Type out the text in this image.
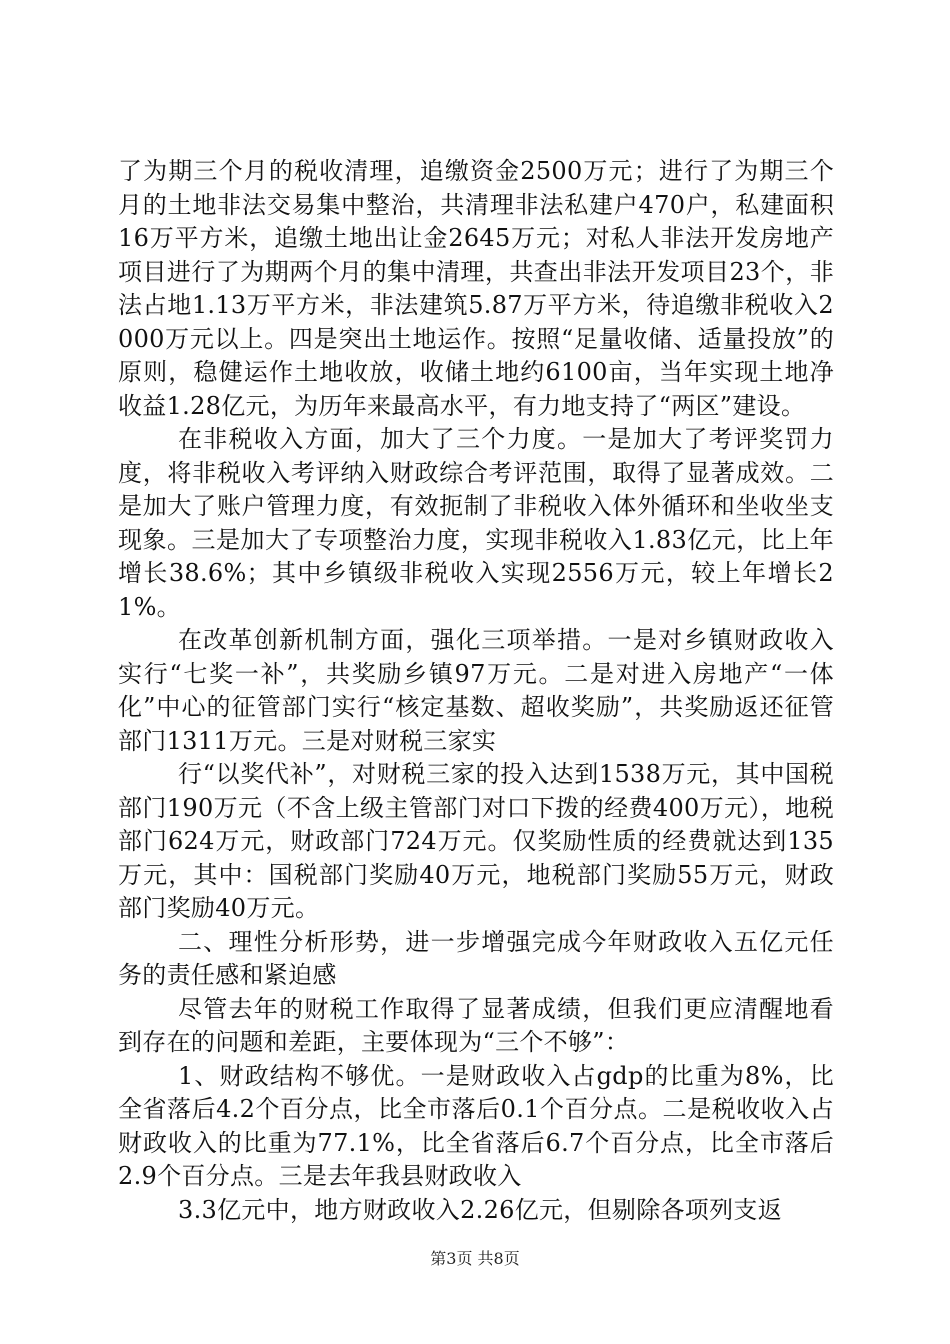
了为期三个月的税收清理，追缴资金2500万元；进行了为期三个月的土地非法交易集中整治，共清理非法私建户470户，私建面积16万平方米，追缴土地出让金2645万元；对私人非法开发房地产项目进行了为期两个月的集中清理，共查出非法开发项目23个，非法占地1.13万平方米，非法建筑5.87万平方米，待追缴非税收入2000万元以上。四是突出土地运作。按照“足量收储、适量投放”的原则，稳健运作土地收放，收储土地约6100亩，当年实现土地净收益1.28亿元，为历年来最高水平，有力地支持了“两区”建设。

在非税收入方面，加大了三个力度。一是加大了考评奖罚力度，将非税收入考评纳入财政综合考评范围，取得了显著成效。二是加大了账户管理力度，有效扼制了非税收入体外循环和坐收坐支现象。三是加大了专项整治力度，实现非税收入1.83亿元，比上年增长38.6%；其中乡镇级非税收入实现2556万元，较上年增长21%。

在改革创新机制方面，强化三项举措。一是对乡镇财政收入实行“七奖一补”，共奖励乡镇97万元。二是对进入房地产“一体化”中心的征管部门实行“核定基数、超收奖励”，共奖励返还征管部门1311万元。三是对财税三家实

行“以奖代补”，对财税三家的投入达到1538万元，其中国税部门190万元（不含上级主管部门对口下拨的经费400万元），地税部门624万元，财政部门724万元。仅奖励性质的经费就达到135万元，其中：国税部门奖励40万元，地税部门奖励55万元，财政部门奖励40万元。

二、理性分析形势，进一步增强完成今年财政收入五亿元任务的责任感和紧迫感

尽管去年的财税工作取得了显著成绩，但我们更应清醒地看到存在的问题和差距，主要体现为“三个不够”：

1、财政结构不够优。一是财政收入占gdp的比重为8%，比全省落后4.2个百分点，比全市落后0.1个百分点。二是税收收入占财政收入的比重为77.1%，比全省落后6.7个百分点，比全市落后2.9个百分点。三是去年我县财政收入

3.3亿元中，地方财政收入2.26亿元，但剔除各项列支返

第3页 共8页
